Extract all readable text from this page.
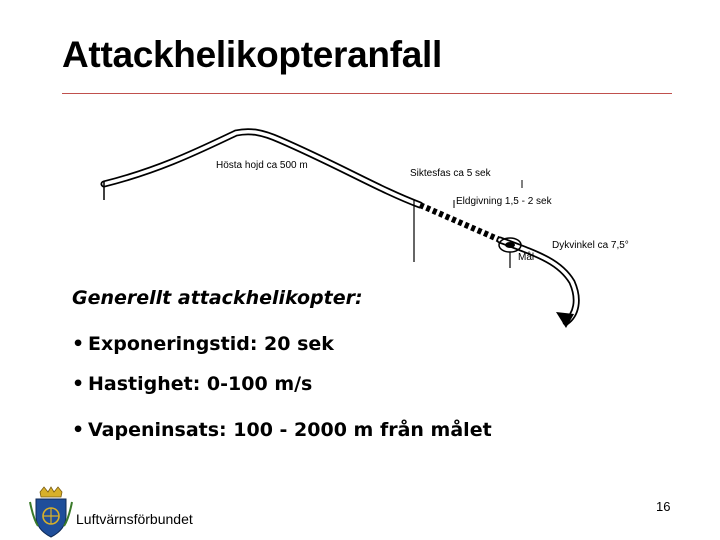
Attackhelikopteranfall
Hösta hojd ca 500 m
Siktesfas ca 5 sek
Eldgivning 1,5 - 2 sek
Dykvinkel ca 7,5°
Mål
Generellt attackhelikopter:
• Exponeringstid: 20 sek
• Hastighet: 0-100 m/s
• Vapeninsats: 100 - 2000 m från målet
Luftvärnsförbundet
16
